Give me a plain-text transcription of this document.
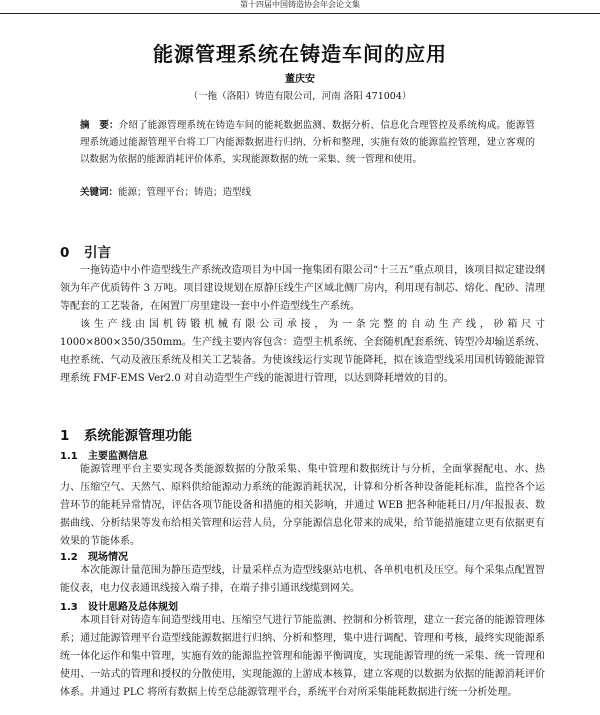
第十四届中国铸造协会年会论文集
能源管理系统在铸造车间的应用
董庆安
（一拖（洛阳）铸造有限公司，河南 洛阳 471004）
摘　要：介绍了能源管理系统在铸造车间的能耗数据监测、数据分析、信息化合理管控及系统构成。能源管理系统通过能源管理平台将工厂内能源数据进行归纳、分析和整理，实施有效的能源监控管理，建立客观的以数据为依据的能源消耗评价体系，实现能源数据的统一采集、统一管理和使用。
关键词：能源；管理平台；铸造；造型线
0 引言

一拖铸造中小件造型线生产系统改造项目为中国一拖集团有限公司“十三五”重点项目，该项目拟定建设纲领为年产优质铸件 3 万吨。项目建设规划在原静压线生产区域北侧厂房内，利用现有制芯、熔化、配砂、清理等配套的工艺装备，在闲置厂房里建设一套中小件造型线生产系统。

该生产线由国机铸锻机械有限公司承接，为一条完整的自动生产线，砂箱尺寸 1000×800×350/350mm。生产线主要内容包含：造型主机系统、全套随机配套系统、铸型冷却输送系统、电控系统、气动及液压系统及相关工艺装备。为使该线运行实现节能降耗，拟在该造型线采用国机铸锻能源管理系统 FMF-EMS Ver2.0 对自动造型生产线的能源进行管理，以达到降耗增效的目的。

1 系统能源管理功能
1.1 主要监测信息

能源管理平台主要实现各类能源数据的分散采集、集中管理和数据统计与分析，全面掌握配电、水、热力、压缩空气、天然气、原料供给能源动力系统的能源消耗状况，计算和分析各种设备能耗标准，监控各个运营环节的能耗异常情况，评估各项节能设备和措施的相关影响，并通过 WEB 把各种能耗日/月/年报报表、数据曲线、分析结果等发布给相关管理和运营人员，分享能源信息化带来的成果，给节能措施建立更有依据更有效果的节能体系。

1.2 现场情况

本次能源计量范围为静压造型线，计量采样点为造型线驱站电机、各单机电机及压空。每个采集点配置智能仪表，电力仪表通讯线接入端子排，在端子排引通讯线缆到网关。

1.3 设计思路及总体规划

本项目针对铸造车间造型线用电、压缩空气进行节能监测、控制和分析管理，建立一套完备的能源管理体系；通过能源管理平台造型线能源数据进行归纳、分析和整理，集中进行调配、管理和考核，最终实现能源系统一体化运作和集中管理，实施有效的能源监控管理和能源平衡调度，实现能源管理的统一采集、统一管理和使用、一站式的管理和授权的分散使用，实现能源的上游成本核算，建立客观的以数据为依据的能源消耗评价体系。并通过 PLC 将所有数据上传至总能源管理平台，系统平台对所采集能耗数据进行统一分析处理。
